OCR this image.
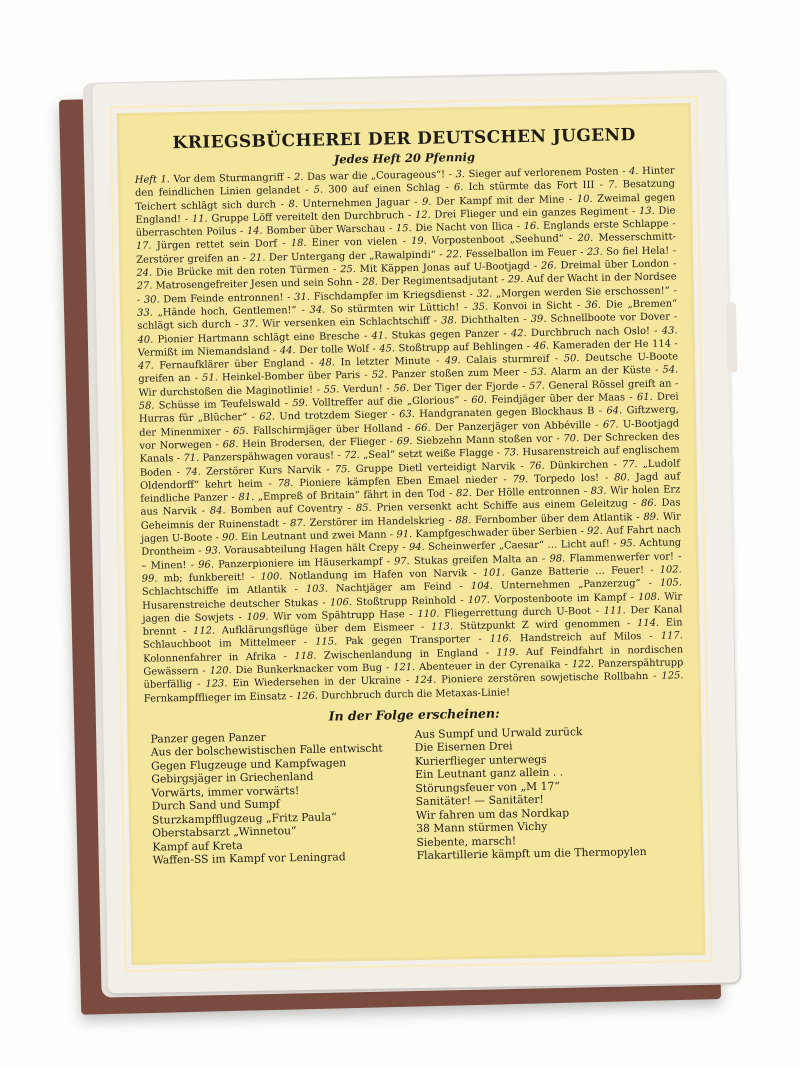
KRIEGSBÜCHEREI DER DEUTSCHEN JUGEND
Jedes Heft 20 Pfennig
Heft 1. Vor dem Sturmangriff - 2. Das war die „Courageous“! - 3. Sieger auf verlorenem Posten - 4. Hinter den feindlichen Linien gelandet - 5. 300 auf einen Schlag - 6. Ich stürmte das Fort III - 7. Besatzung Teichert schlägt sich durch - 8. Unternehmen Jaguar - 9. Der Kampf mit der Mine - 10. Zweimal gegen England! - 11. Gruppe Löff vereitelt den Durchbruch - 12. Drei Flieger und ein ganzes Regiment - 13. Die überraschten Poilus - 14. Bomber über Warschau - 15. Die Nacht von Ilica - 16. Englands erste Schlappe - 17. Jürgen rettet sein Dorf - 18. Einer von vielen - 19. Vorpostenboot „Seehund“ - 20. Messerschmitt-Zerstörer greifen an - 21. Der Untergang der „Rawalpindi“ - 22. Fesselballon im Feuer - 23. So fiel Hela! - 24. Die Brücke mit den roten Türmen - 25. Mit Käppen Jonas auf U-Bootjagd - 26. Dreimal über London - 27. Matrosengefreiter Jesen und sein Sohn - 28. Der Regimentsadjutant - 29. Auf der Wacht in der Nordsee - 30. Dem Feinde entronnen! - 31. Fischdampfer im Kriegsdienst - 32. „Morgen werden Sie erschossen!“ - 33. „Hände hoch, Gentlemen!“ - 34. So stürmten wir Lüttich! - 35. Konvoi in Sicht - 36. Die „Bremen“ schlägt sich durch - 37. Wir versenken ein Schlachtschiff - 38. Dichthalten - 39. Schnellboote vor Dover - 40. Pionier Hartmann schlägt eine Bresche - 41. Stukas gegen Panzer - 42. Durchbruch nach Oslo! - 43. Vermißt im Niemandsland - 44. Der tolle Wolf - 45. Stoßtrupp auf Behlingen - 46. Kameraden der He 114 - 47. Fernaufklärer über England - 48. In letzter Minute - 49. Calais sturmreif - 50. Deutsche U-Boote greifen an - 51. Heinkel-Bomber über Paris - 52. Panzer stoßen zum Meer - 53. Alarm an der Küste - 54. Wir durchstoßen die Maginotlinie! - 55. Verdun! - 56. Der Tiger der Fjorde - 57. General Rössel greift an - 58. Schüsse im Teufelswald - 59. Volltreffer auf die „Glorious“ - 60. Feindjäger über der Maas - 61. Drei Hurras für „Blücher“ - 62. Und trotzdem Sieger - 63. Handgranaten gegen Blockhaus B - 64. Giftzwerg, der Minenmixer - 65. Fallschirmjäger über Holland - 66. Der Panzerjäger von Abbéville - 67. U-Bootjagd vor Norwegen - 68. Hein Brodersen, der Flieger - 69. Siebzehn Mann stoßen vor - 70. Der Schrecken des Kanals - 71. Panzerspähwagen voraus! - 72. „Seal“ setzt weiße Flagge - 73. Husarenstreich auf englischem Boden - 74. Zerstörer Kurs Narvik - 75. Gruppe Dietl verteidigt Narvik - 76. Dünkirchen - 77. „Ludolf Oldendorff“ kehrt heim - 78. Pioniere kämpfen Eben Emael nieder - 79. Torpedo los! - 80. Jagd auf feindliche Panzer - 81. „Empreß of Britain“ fährt in den Tod - 82. Der Hölle entronnen - 83. Wir holen Erz aus Narvik - 84. Bomben auf Coventry - 85. Prien versenkt acht Schiffe aus einem Geleitzug - 86. Das Geheimnis der Ruinenstadt - 87. Zerstörer im Handelskrieg - 88. Fernbomber über dem Atlantik - 89. Wir jagen U-Boote - 90. Ein Leutnant und zwei Mann - 91. Kampfgeschwader über Serbien - 92. Auf Fahrt nach Drontheim - 93. Vorausabteilung Hagen hält Crepy - 94. Scheinwerfer „Caesar“ … Licht auf! - 95. Achtung – Minen! - 96. Panzerpioniere im Häuserkampf - 97. Stukas greifen Malta an - 98. Flammenwerfer vor! - 99. mb; funkbereit! - 100. Notlandung im Hafen von Narvik - 101. Ganze Batterie … Feuer! - 102. Schlachtschiffe im Atlantik - 103. Nachtjäger am Feind - 104. Unternehmen „Panzerzug“ - 105. Husarenstreiche deutscher Stukas - 106. Stoßtrupp Reinhold - 107. Vorpostenboote im Kampf - 108. Wir jagen die Sowjets - 109. Wir vom Spähtrupp Hase - 110. Fliegerrettung durch U-Boot - 111. Der Kanal brennt - 112. Aufklärungsflüge über dem Eismeer - 113. Stützpunkt Z wird genommen - 114. Ein Schlauchboot im Mittelmeer - 115. Pak gegen Transporter - 116. Handstreich auf Milos - 117. Kolonnenfahrer in Afrika - 118. Zwischenlandung in England - 119. Auf Feindfahrt in nordischen Gewässern - 120. Die Bunkerknacker vom Bug - 121. Abenteuer in der Cyrenaika - 122. Panzerspähtrupp überfällig - 123. Ein Wiedersehen in der Ukraine - 124. Pioniere zerstören sowjetische Rollbahn - 125. Fernkampfflieger im Einsatz - 126. Durchbruch durch die Metaxas-Linie!
In der Folge erscheinen:
Panzer gegen Panzer
Aus der bolschewistischen Falle entwischt
Gegen Flugzeuge und Kampfwagen
Gebirgsjäger in Griechenland
Vorwärts, immer vorwärts!
Durch Sand und Sumpf
Sturzkampfflugzeug „Fritz Paula“
Oberstabsarzt „Winnetou“
Kampf auf Kreta
Waffen-SS im Kampf vor Leningrad
Aus Sumpf und Urwald zurück
Die Eisernen Drei
Kurierflieger unterwegs
Ein Leutnant ganz allein . .
Störungsfeuer von „M 17“
Sanitäter! — Sanitäter!
Wir fahren um das Nordkap
38 Mann stürmen Vichy
Siebente, marsch!
Flakartillerie kämpft um die Thermopylen
